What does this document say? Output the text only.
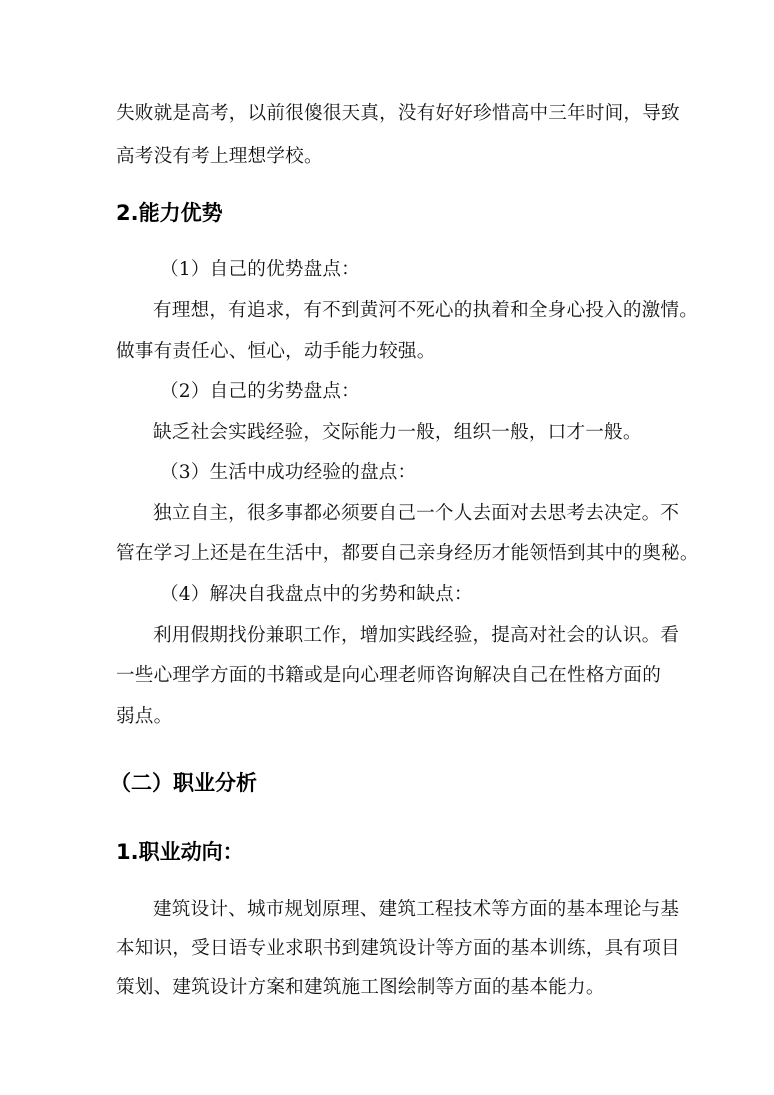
失败就是高考，以前很傻很天真，没有好好珍惜高中三年时间，导致
高考没有考上理想学校。
2.能力优势
（1）自己的优势盘点：
有理想，有追求，有不到黄河不死心的执着和全身心投入的激情。
做事有责任心、恒心，动手能力较强。
（2）自己的劣势盘点：
缺乏社会实践经验，交际能力一般，组织一般，口才一般。
（3）生活中成功经验的盘点：
独立自主，很多事都必须要自己一个人去面对去思考去决定。不
管在学习上还是在生活中，都要自己亲身经历才能领悟到其中的奥秘。
（4）解决自我盘点中的劣势和缺点：
利用假期找份兼职工作，增加实践经验，提高对社会的认识。看
一些心理学方面的书籍或是向心理老师咨询解决自己在性格方面的
弱点。
（二）职业分析
1.职业动向：
建筑设计、城市规划原理、建筑工程技术等方面的基本理论与基
本知识，受日语专业求职书到建筑设计等方面的基本训练，具有项目
策划、建筑设计方案和建筑施工图绘制等方面的基本能力。
